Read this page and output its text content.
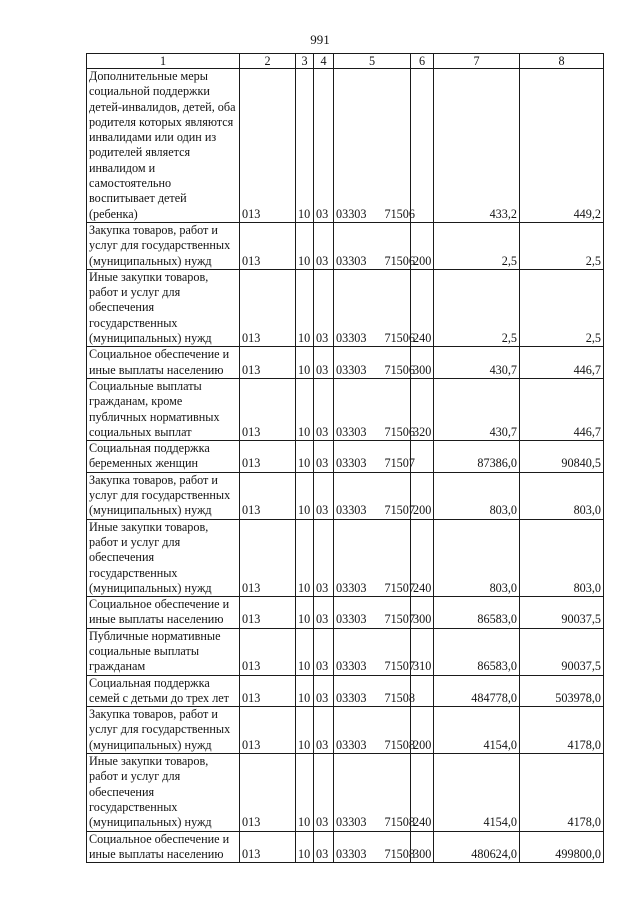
991
1	2	3	4	5	6	7	8
Дополнительные меры социальной поддержки детей-инвалидов, детей, оба родителя которых являются инвалидами или один из родителей является инвалидом и самостоятельно воспитывает детей (ребенка)	013	10	03	03303 71506		433,2	449,2
Закупка товаров, работ и услуг для государственных (муниципальных) нужд	013	10	03	03303 71506	200	2,5	2,5
Иные закупки товаров, работ и услуг для обеспечения государственных (муниципальных) нужд	013	10	03	03303 71506	240	2,5	2,5
Социальное обеспечение и иные выплаты населению	013	10	03	03303 71506	300	430,7	446,7
Социальные выплаты гражданам, кроме публичных нормативных социальных выплат	013	10	03	03303 71506	320	430,7	446,7
Социальная поддержка беременных женщин	013	10	03	03303 71507		87386,0	90840,5
Закупка товаров, работ и услуг для государственных (муниципальных) нужд	013	10	03	03303 71507	200	803,0	803,0
Иные закупки товаров, работ и услуг для обеспечения государственных (муниципальных) нужд	013	10	03	03303 71507	240	803,0	803,0
Социальное обеспечение и иные выплаты населению	013	10	03	03303 71507	300	86583,0	90037,5
Публичные нормативные социальные выплаты гражданам	013	10	03	03303 71507	310	86583,0	90037,5
Социальная поддержка семей с детьми до трех лет	013	10	03	03303 71508		484778,0	503978,0
Закупка товаров, работ и услуг для государственных (муниципальных) нужд	013	10	03	03303 71508	200	4154,0	4178,0
Иные закупки товаров, работ и услуг для обеспечения государственных (муниципальных) нужд	013	10	03	03303 71508	240	4154,0	4178,0
Социальное обеспечение и иные выплаты населению	013	10	03	03303 71508	300	480624,0	499800,0
